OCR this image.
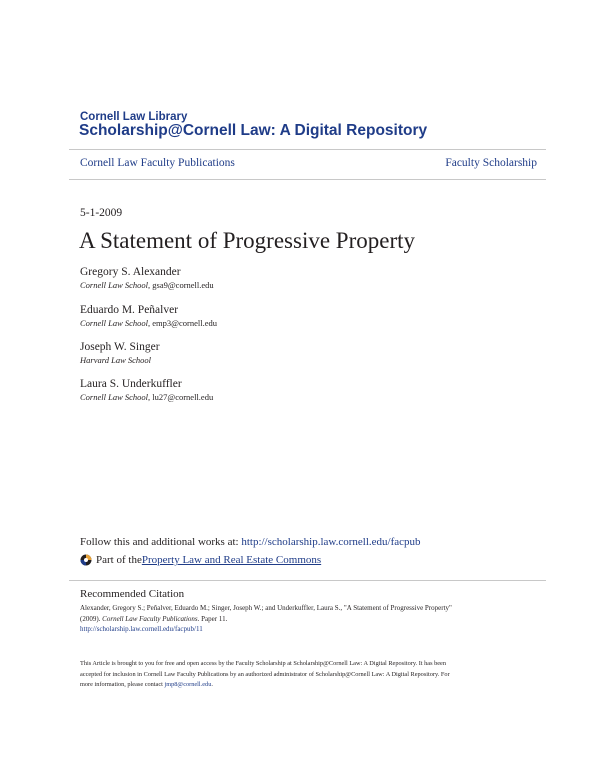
Cornell Law Library
Scholarship@Cornell Law: A Digital Repository
Cornell Law Faculty Publications	Faculty Scholarship
5-1-2009
A Statement of Progressive Property
Gregory S. Alexander
Cornell Law School, gsa9@cornell.edu
Eduardo M. Peñalver
Cornell Law School, emp3@cornell.edu
Joseph W. Singer
Harvard Law School
Laura S. Underkuffler
Cornell Law School, lu27@cornell.edu
Follow this and additional works at: http://scholarship.law.cornell.edu/facpub
Part of the Property Law and Real Estate Commons
Recommended Citation
Alexander, Gregory S.; Peñalver, Eduardo M.; Singer, Joseph W.; and Underkuffler, Laura S., "A Statement of Progressive Property"
(2009). Cornell Law Faculty Publications. Paper 11.
http://scholarship.law.cornell.edu/facpub/11
This Article is brought to you for free and open access by the Faculty Scholarship at Scholarship@Cornell Law: A Digital Repository. It has been
accepted for inclusion in Cornell Law Faculty Publications by an authorized administrator of Scholarship@Cornell Law: A Digital Repository. For
more information, please contact jmp8@cornell.edu.
